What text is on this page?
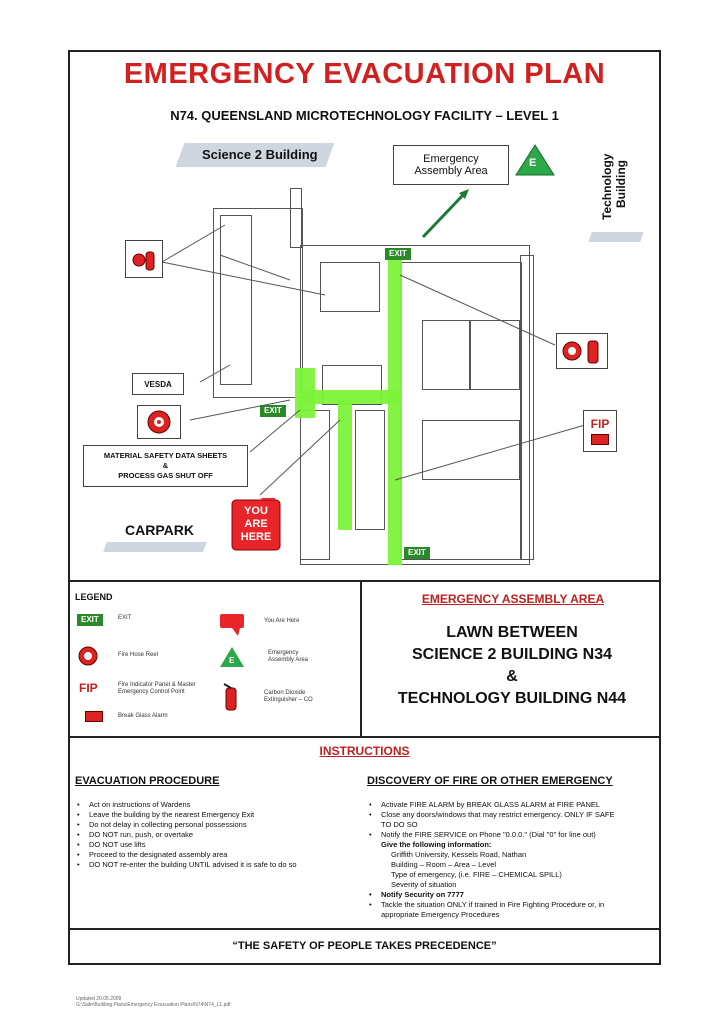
EMERGENCY EVACUATION PLAN
N74. QUEENSLAND MICROTECHNOLOGY FACILITY – LEVEL 1
Science 2 Building	Emergency
Assembly Area
E	Technology Building
EXIT
EXIT
EXIT
VESDA
MATERIAL SAFETY DATA SHEETS
&
PROCESS GAS SHUT OFF
FIP
CARPARK
YOU
ARE
HERE
LEGEND
EXIT	EXIT
Fire Hose Reel
FIP	Fire Indicator Panel & Master
Emergency Control Point
Break Glass Alarm
You Are Here
E
Emergency
Assembly Area
Carbon Dioxide
Extinguisher – CO
EMERGENCY ASSEMBLY AREA
LAWN BETWEEN
SCIENCE 2 BUILDING N34
&
TECHNOLOGY BUILDING N44
INSTRUCTIONS
EVACUATION PROCEDURE
• Act on instructions of Wardens
• Leave the building by the nearest Emergency Exit
• Do not delay in collecting personal possessions
• DO NOT run, push, or overtake
• DO NOT use lifts
• Proceed to the designated assembly area
• DO NOT re-enter the building UNTIL advised it is safe to do so
DISCOVERY OF FIRE OR OTHER EMERGENCY
• Activate FIRE ALARM by BREAK GLASS ALARM at FIRE PANEL
• Close any doors/windows that may restrict emergency. ONLY IF SAFE
TO DO SO
• Notify the FIRE SERVICE on Phone "0.0.0." (Dial "0" for line out)
Give the following information:
Griffith University, Kessels Road, Nathan
Building – Room – Area – Level
Type of emergency, (i.e. FIRE – CHEMICAL SPILL)
Severity of situation
• Notify Security on 7777
• Tackle the situation ONLY if trained in Fire Fighting Procedure or, in
appropriate Emergency Procedures
“THE SAFETY OF PEOPLE TAKES PRECEDENCE”
Updated 20.05.2009
G:\Safe\Building Plans\Emergency Evacuation Plans\N74\N74_L1.pdf
